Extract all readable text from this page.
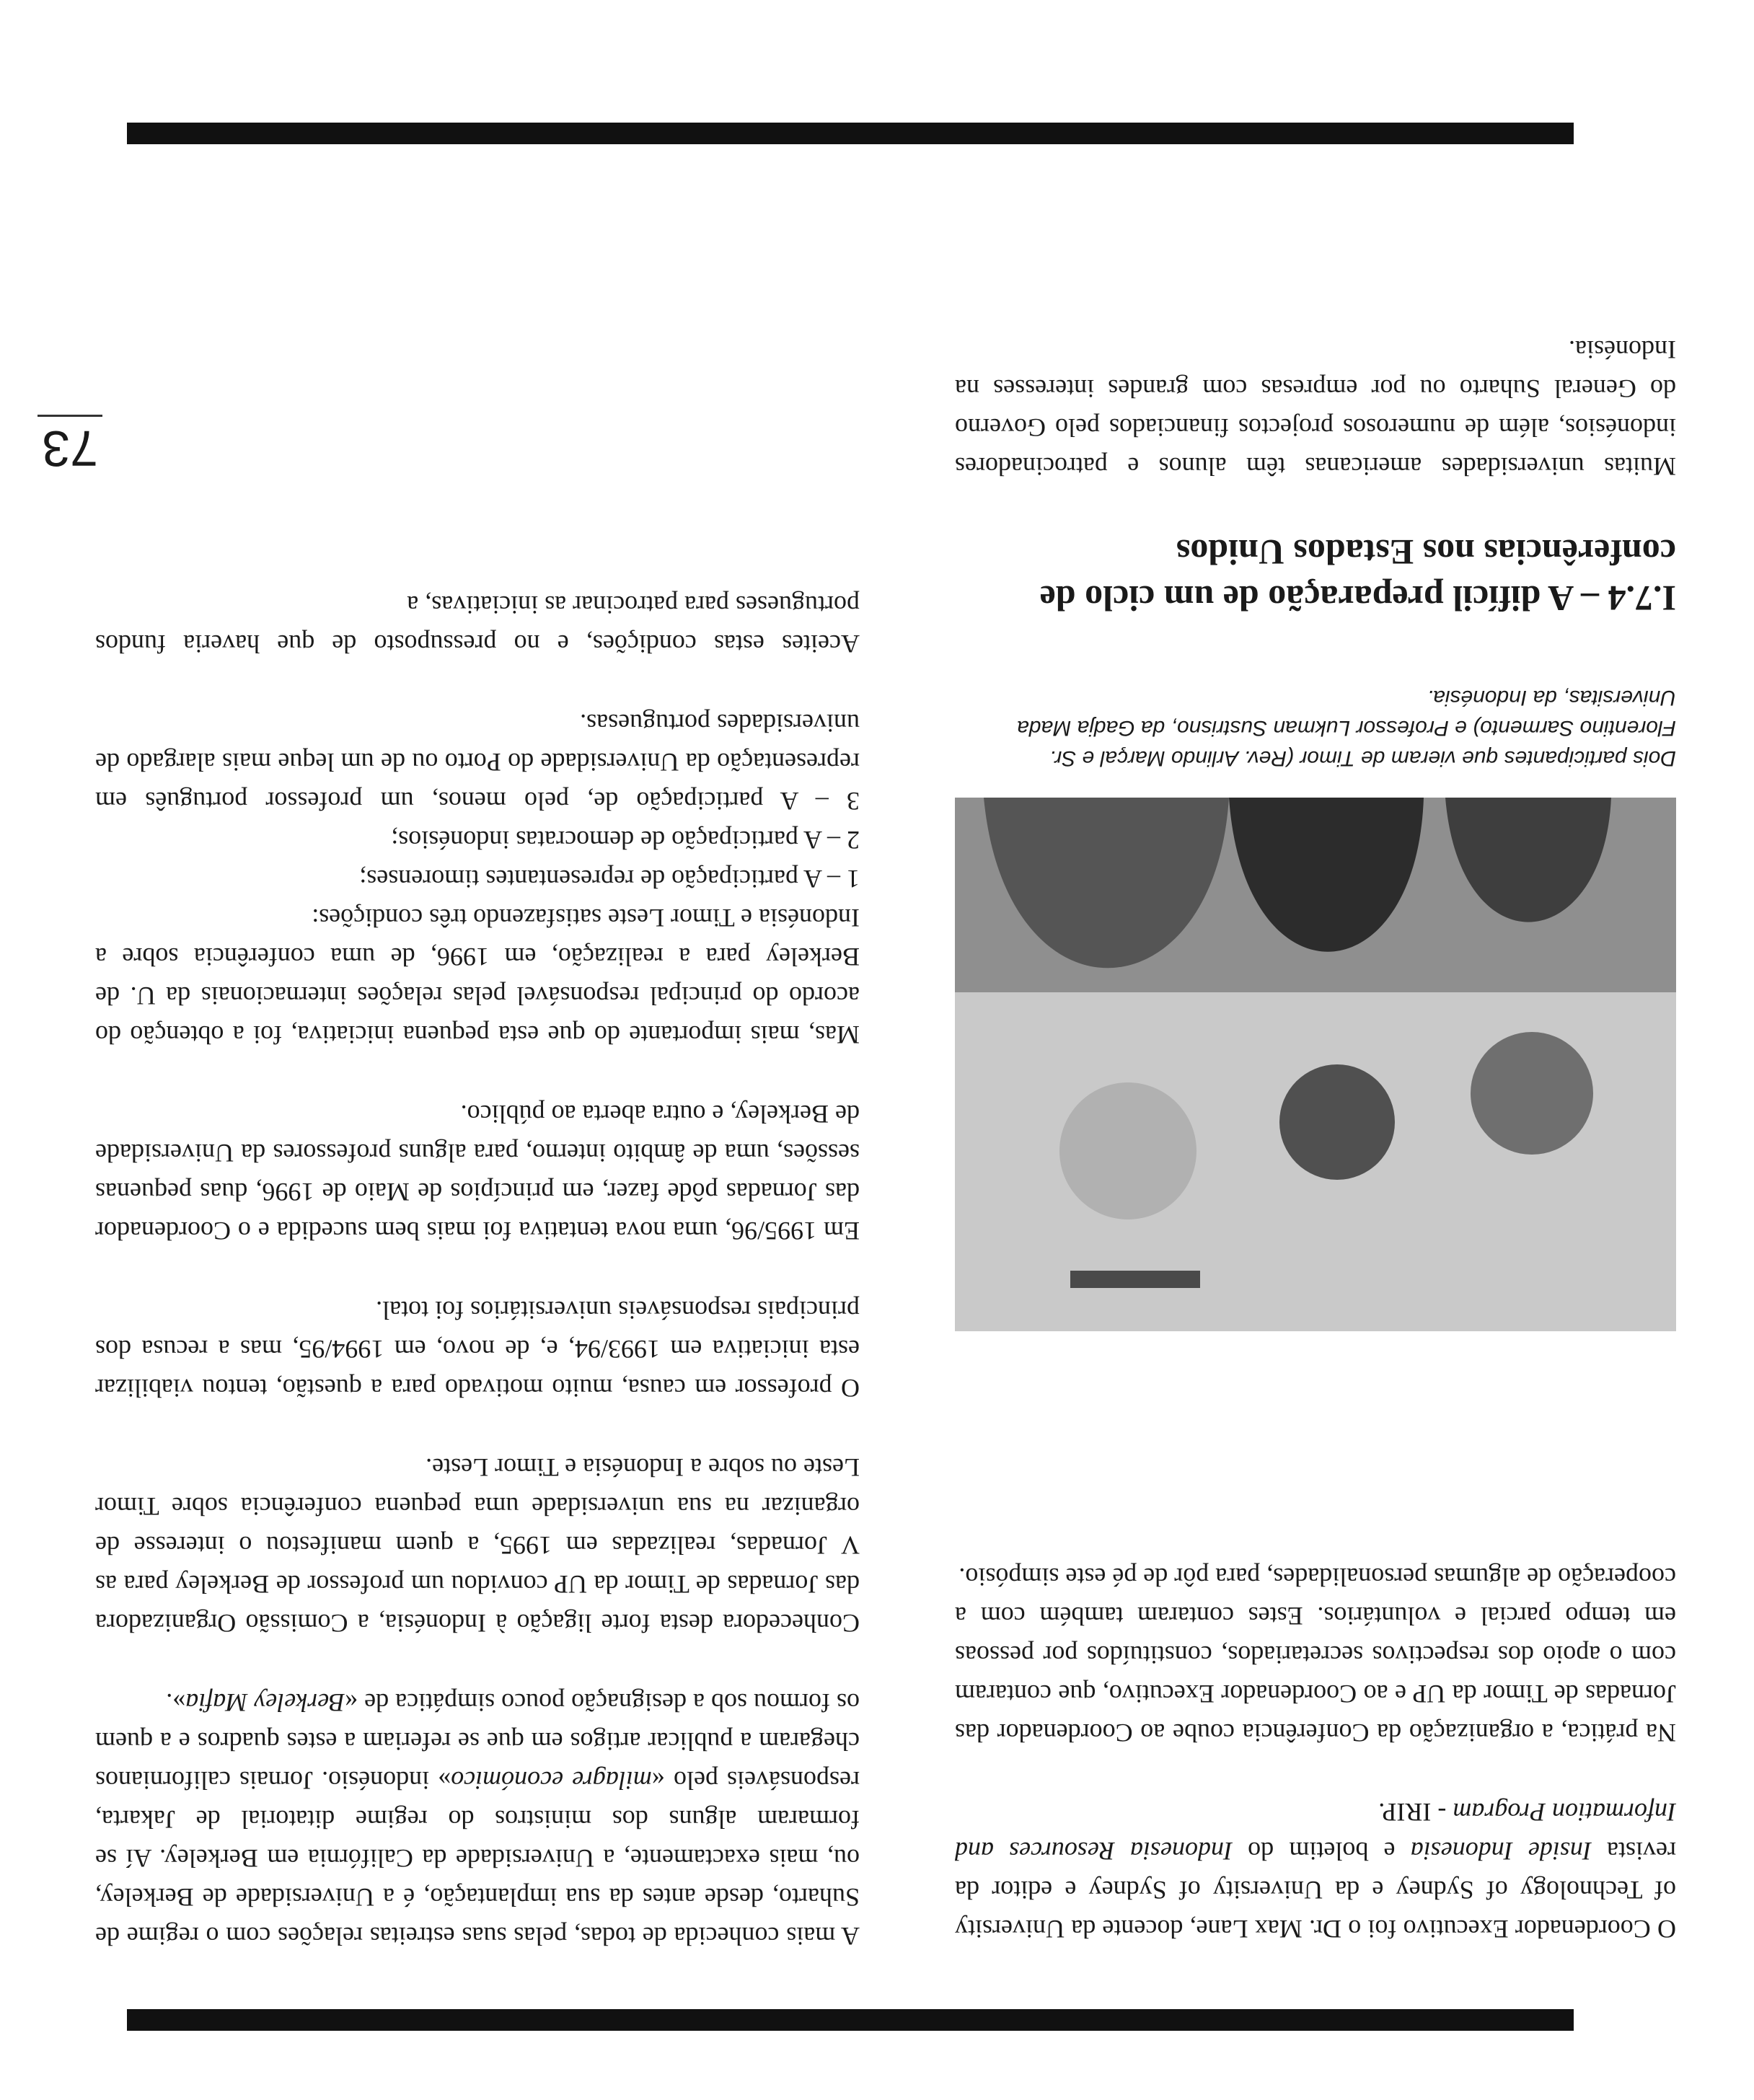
O Coordenador Executivo foi o Dr. Max Lane, docente da University of Technology of Sydney e da University of Sydney e editor da revista Inside Indonesia e boletim do Indonesia Resources and Information Program - IRIP.

Na prática, a organização da Conferência coube ao Coordenador das Jornadas de Timor da UP e ao Coordenador Executivo, que contaram com o apoio dos respectivos secretariados, constituídos por pessoas em tempo parcial e voluntários. Estes contaram também com a cooperação de algumas personalidades, para pôr de pé este simpósio.

Dois participantes que vieram de Timor (Rev. Arlindo Marçal e Sr. Florentino Sarmento) e Professor Lukman Sustrisno, da Gadja Mada Universitas, da Indonésia.
I.7.4 – A difícil preparação de um ciclo de conferências nos Estados Unidos

Muitas universidades americanas têm alunos e patrocinadores indonésios, além de numerosos projectos financiados pelo Governo do General Suharto ou por empresas com grandes interesses na Indonésia.

A mais conhecida de todas, pelas suas estreitas relações com o regime de Suharto, desde antes da sua implantação, é a Universidade de Berkeley, ou, mais exactamente, a Universidade da Califórnia em Berkeley. Aí se formaram alguns dos ministros do regime ditatorial de Jakarta, responsáveis pelo «milagre económico» indonésio. Jornais californianos chegaram a publicar artigos em que se referiam a estes quadros e a quem os formou sob a designação pouco simpática de «Berkeley Mafia».

Conhecedora desta forte ligação à Indonésia, a Comissão Organizadora das Jornadas de Timor da UP convidou um professor de Berkeley para as V Jornadas, realizadas em 1995, a quem manifestou o interesse de organizar na sua universidade uma pequena conferência sobre Timor Leste ou sobre a Indonésia e Timor Leste.

O professor em causa, muito motivado para a questão, tentou viabilizar esta iniciativa em 1993/94, e, de novo, em 1994/95, mas a recusa dos principais responsáveis universitários foi total.

Em 1995/96, uma nova tentativa foi mais bem sucedida e o Coordenador das Jornadas pôde fazer, em princípios de Maio de 1996, duas pequenas sessões, uma de âmbito interno, para alguns professores da Universidade de Berkeley, e outra aberta ao público.

Mas, mais importante do que esta pequena iniciativa, foi a obtenção do acordo do principal responsável pelas relações internacionais da U. de Berkeley para a realização, em 1996, de uma conferência sobre a Indonésia e Timor Leste satisfazendo três condições:

1 – A participação de representantes timorenses;

2 – A participação de democratas indonésios;

3 – A participação de, pelo menos, um professor português em representação da Universidade do Porto ou de um leque mais alargado de universidades portuguesas.

Aceites estas condições, e no pressuposto de que haveria fundos portugueses para patrocinar as iniciativas, a

73
